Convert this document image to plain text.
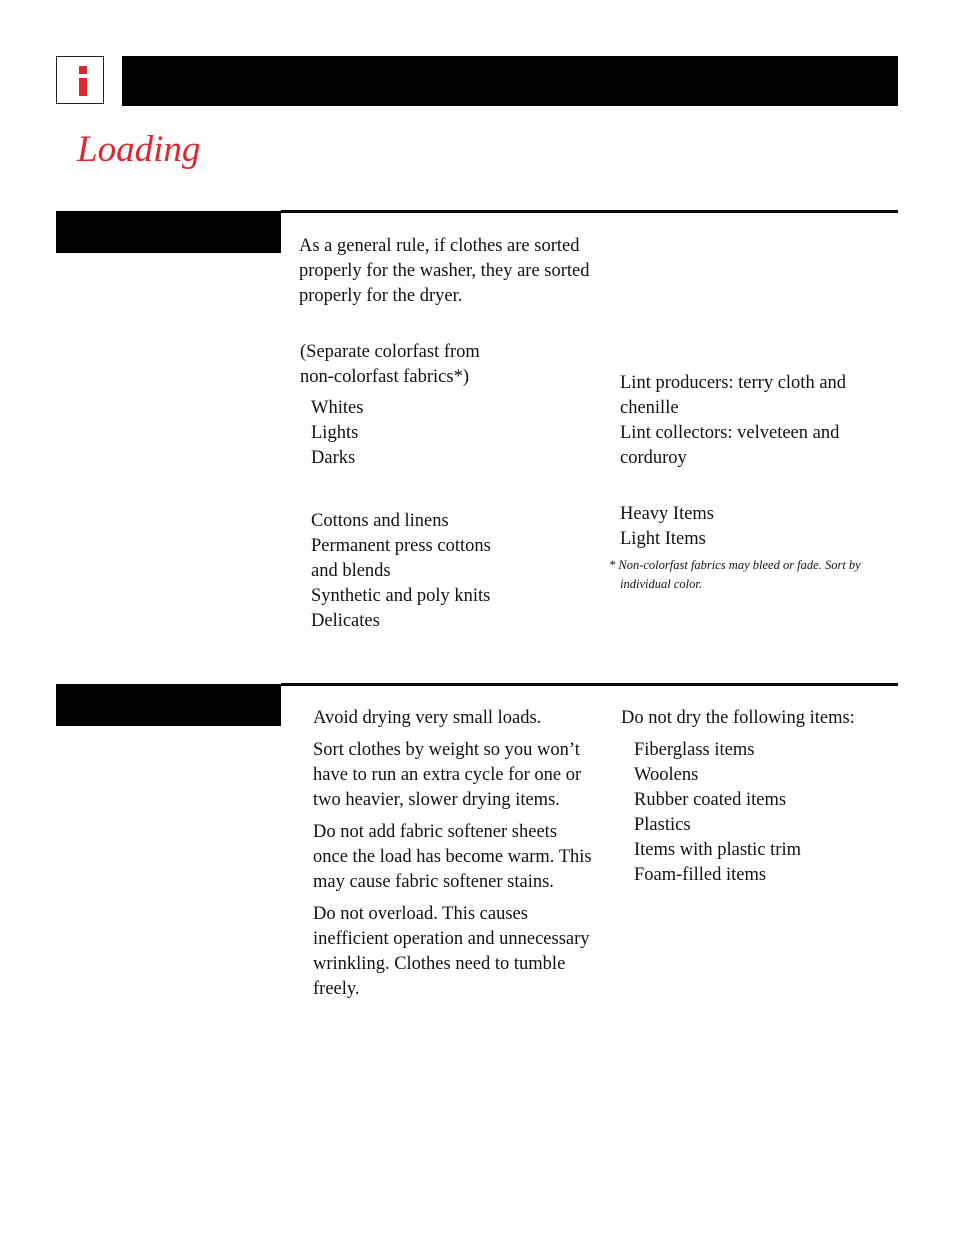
Loading

As a general rule, if clothes are sorted properly for the washer, they are sorted properly for the dryer.

(Separate colorfast from
non-colorfast fabrics*)
Whites
Lights
Darks
Cottons and linens
Permanent press cottons
and blends
Synthetic and poly knits
Delicates
Lint producers: terry cloth and
chenille
Lint collectors: velveteen and
corduroy
Heavy Items
Light Items
* Non-colorfast fabrics may bleed or fade. Sort by
individual color.

Avoid drying very small loads.

Sort clothes by weight so you won’t have to run an extra cycle for one or two heavier, slower drying items.

Do not add fabric softener sheets once the load has become warm. This may cause fabric softener stains.

Do not overload. This causes inefficient operation and unnecessary wrinkling. Clothes need to tumble freely.

Do not dry the following items:
Fiberglass items
Woolens
Rubber coated items
Plastics
Items with plastic trim
Foam-filled items
